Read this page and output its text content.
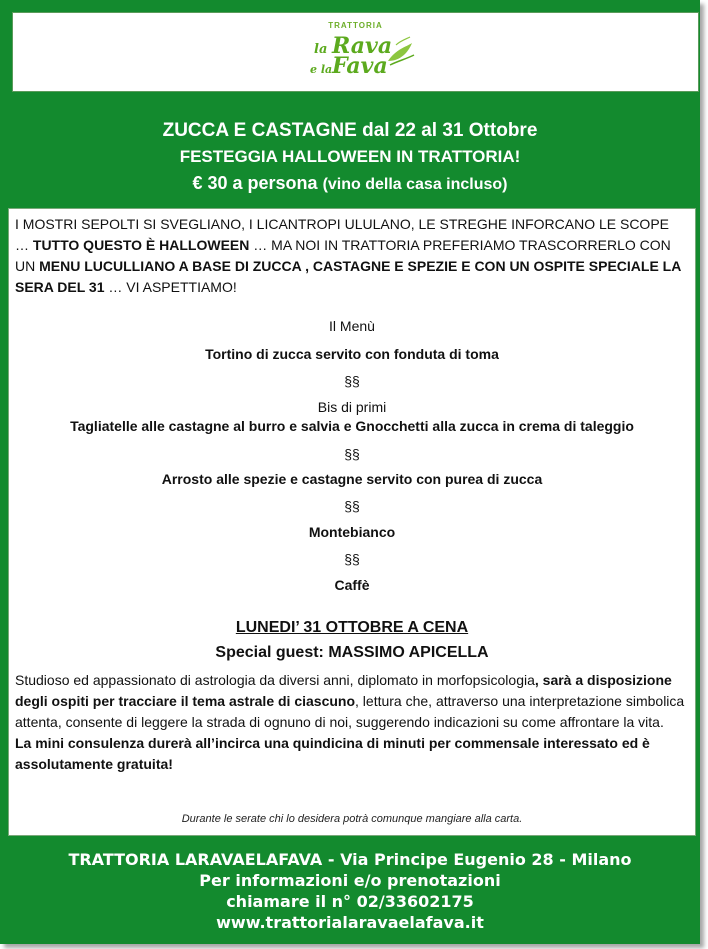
TRATTORIA
la Rava
e la Fava
ZUCCA E CASTAGNE dal 22 al 31 Ottobre
FESTEGGIA HALLOWEEN IN TRATTORIA!
€ 30 a persona (vino della casa incluso)
I MOSTRI SEPOLTI SI SVEGLIANO, I LICANTROPI ULULANO, LE STREGHE INFORCANO LE SCOPE … TUTTO QUESTO È HALLOWEEN … MA NOI IN TRATTORIA PREFERIAMO TRASCORRERLO CON UN MENU LUCULLIANO A BASE DI ZUCCA , CASTAGNE E SPEZIE E CON UN OSPITE SPECIALE LA SERA DEL 31 … VI ASPETTIAMO!
Il Menù
Tortino di zucca servito con fonduta di toma
§§
Bis di primi
Tagliatelle alle castagne al burro e salvia e Gnocchetti alla zucca in crema di taleggio
§§
Arrosto alle spezie e castagne servito con purea di zucca
§§
Montebianco
§§
Caffè
LUNEDI’ 31 OTTOBRE A CENA
Special guest: MASSIMO APICELLA
Studioso ed appassionato di astrologia da diversi anni, diplomato in morfopsicologia, sarà a disposizione degli ospiti per tracciare il tema astrale di ciascuno, lettura che, attraverso una interpretazione simbolica attenta, consente di leggere la strada di ognuno di noi, suggerendo indicazioni su come affrontare la vita.
La mini consulenza durerà all’incirca una quindicina di minuti per commensale interessato ed è assolutamente gratuita!
Durante le serate chi lo desidera potrà comunque mangiare alla carta.
TRATTORIA LARAVAELAFAVA - Via Principe Eugenio 28 - Milano
Per informazioni e/o prenotazioni
chiamare il n° 02/33602175
www.trattorialaravaelafava.it
